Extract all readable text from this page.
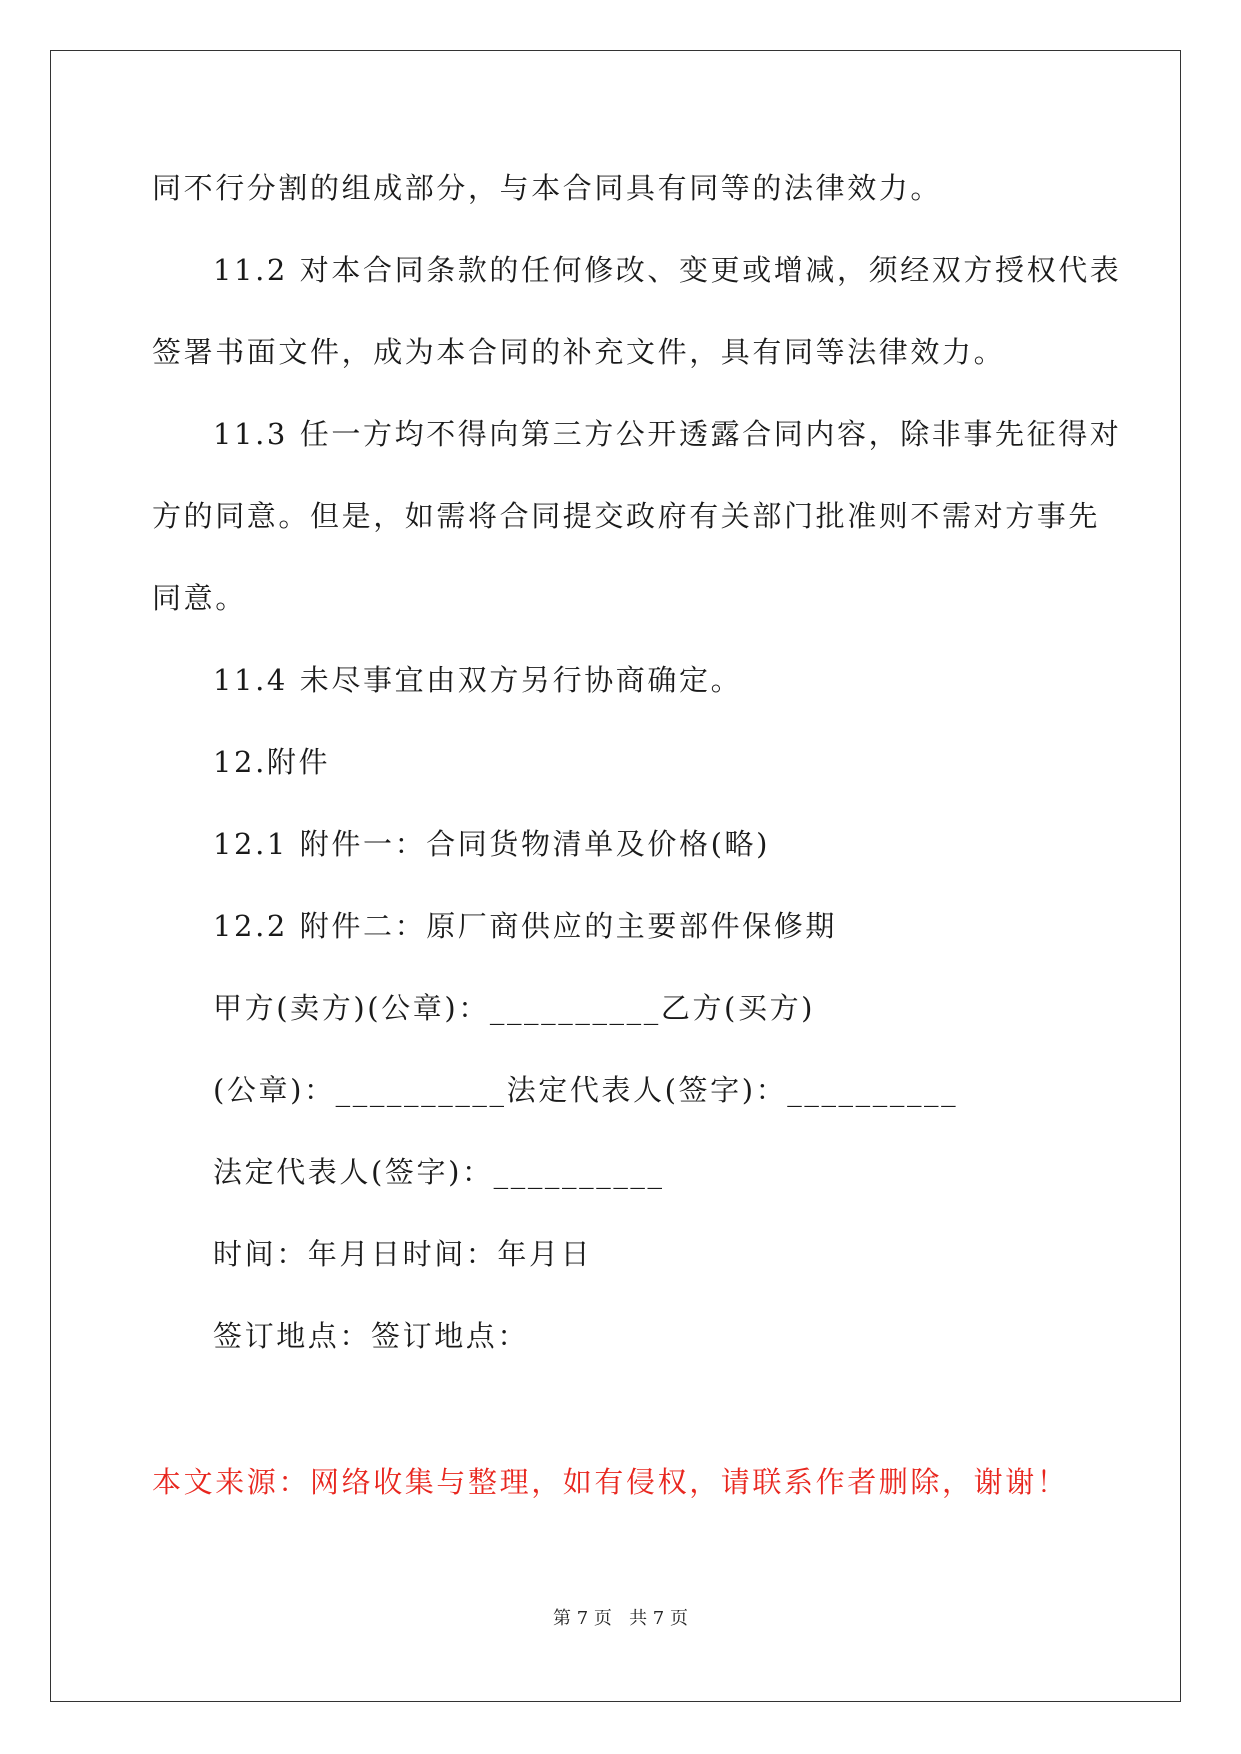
同不行分割的组成部分，与本合同具有同等的法律效力。
11.2 对本合同条款的任何修改、变更或增减，须经双方授权代表
签署书面文件，成为本合同的补充文件，具有同等法律效力。
11.3 任一方均不得向第三方公开透露合同内容，除非事先征得对
方的同意。但是，如需将合同提交政府有关部门批准则不需对方事先
同意。
11.4 未尽事宜由双方另行协商确定。
12.附件
12.1 附件一：合同货物清单及价格(略)
12.2 附件二：原厂商供应的主要部件保修期
甲方(卖方)(公章)：__________乙方(买方)
(公章)：__________法定代表人(签字)：__________
法定代表人(签字)：__________
时间：年月日时间：年月日
签订地点：签订地点：
本文来源：网络收集与整理，如有侵权，请联系作者删除，谢谢！
第 7 页   共 7 页
